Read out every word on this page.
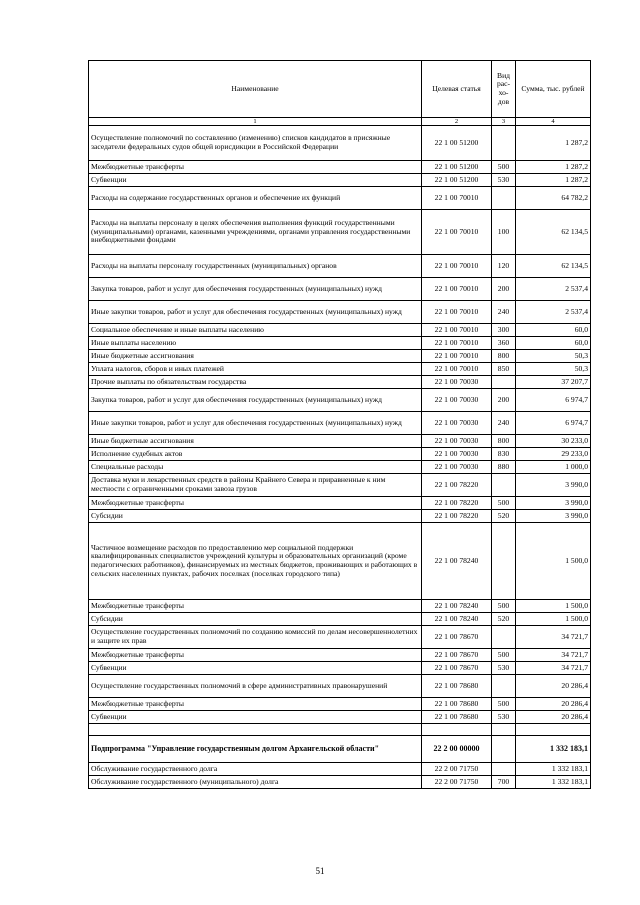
Наименование	Целевая статья	Вид рас-хо-дов	Сумма, тыс. рублей
1	2	3	4
Осуществление полномочий по составлению (изменению) списков кандидатов в присяжные заседатели федеральных судов общей юрисдикции в Российской Федерации	22 1 00 51200		1 287,2
Межбюджетные трансферты	22 1 00 51200	500	1 287,2
Субвенции	22 1 00 51200	530	1 287,2
Расходы на содержание государственных органов и обеспечение их функций	22 1 00 70010		64 782,2
Расходы на выплаты персоналу в целях обеспечения выполнения функций государственными (муниципальными) органами, казенными учреждениями, органами управления государственными внебюджетными фондами	22 1 00 70010	100	62 134,5
Расходы на выплаты персоналу государственных (муниципальных) органов	22 1 00 70010	120	62 134,5
Закупка товаров, работ и услуг для обеспечения государственных (муниципальных) нужд	22 1 00 70010	200	2 537,4
Иные закупки товаров, работ и услуг для обеспечения государственных (муниципальных) нужд	22 1 00 70010	240	2 537,4
Социальное обеспечение и иные выплаты населению	22 1 00 70010	300	60,0
Иные выплаты населению	22 1 00 70010	360	60,0
Иные бюджетные ассигнования	22 1 00 70010	800	50,3
Уплата налогов, сборов и иных платежей	22 1 00 70010	850	50,3
Прочие выплаты по обязательствам государства	22 1 00 70030		37 207,7
Закупка товаров, работ и услуг для обеспечения государственных (муниципальных) нужд	22 1 00 70030	200	6 974,7
Иные закупки товаров, работ и услуг для обеспечения государственных (муниципальных) нужд	22 1 00 70030	240	6 974,7
Иные бюджетные ассигнования	22 1 00 70030	800	30 233,0
Исполнение судебных актов	22 1 00 70030	830	29 233,0
Специальные расходы	22 1 00 70030	880	1 000,0
Доставка муки и лекарственных средств в районы Крайнего Севера и приравненные к ним местности с ограниченными сроками завоза грузов	22 1 00 78220		3 990,0
Межбюджетные трансферты	22 1 00 78220	500	3 990,0
Субсидии	22 1 00 78220	520	3 990,0
Частичное возмещение расходов по предоставлению мер социальной поддержки квалифицированных специалистов учреждений культуры и образовательных организаций (кроме педагогических работников), финансируемых из местных бюджетов, проживающих и работающих в сельских населенных пунктах, рабочих поселках (поселках городского типа)	22 1 00 78240		1 500,0
Межбюджетные трансферты	22 1 00 78240	500	1 500,0
Субсидии	22 1 00 78240	520	1 500,0
Осуществление государственных полномочий по созданию комиссий по делам несовершеннолетних и защите их прав	22 1 00 78670		34 721,7
Межбюджетные трансферты	22 1 00 78670	500	34 721,7
Субвенции	22 1 00 78670	530	34 721,7
Осуществление государственных полномочий в сфере административных правонарушений	22 1 00 78680		20 286,4
Межбюджетные трансферты	22 1 00 78680	500	20 286,4
Субвенции	22 1 00 78680	530	20 286,4

Подпрограмма "Управление государственным долгом Архангельской области"	22 2 00 00000		1 332 183,1
Обслуживание государственного долга	22 2 00 71750		1 332 183,1
Обслуживание государственного (муниципального) долга	22 2 00 71750	700	1 332 183,1
51
